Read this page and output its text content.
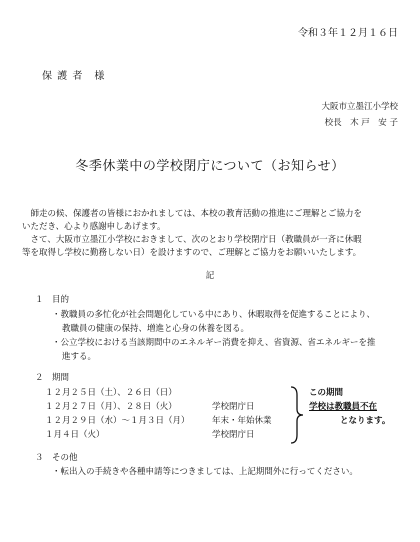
令和３年１２月１６日
保 護 者　様
大阪市立墨江小学校
校長　木 戸　安 子
冬季休業中の学校閉庁について（お知らせ）
　師走の候、保護者の皆様におかれましては、本校の教育活動の推進にご理解とご協力を
いただき、心より感謝申しあげます。
　さて、大阪市立墨江小学校におきまして、次のとおり学校閉庁日（教職員が一斉に休暇
等を取得し学校に勤務しない日）を設けますので、ご理解とご協力をお願いいたします。
記
１　目的
・教職員の多忙化が社会問題化している中にあり、休暇取得を促進することにより、
教職員の健康の保持、増進と心身の休養を図る。
・公立学校における当該期間中のエネルギー消費を抑え、省資源、省エネルギーを推
進する。
２　期間
１２月２５日（土）、２６日（日）
１２月２７日（月）、２８日（火）	学校閉庁日
１２月２９日（水）～１月３日（月）	年末・年始休業
１月４日（火）	学校閉庁日
この期間
学校は教職員不在
となります。
３　その他
・転出入の手続きや各種申請等につきましては、上記期間外に行ってください。
